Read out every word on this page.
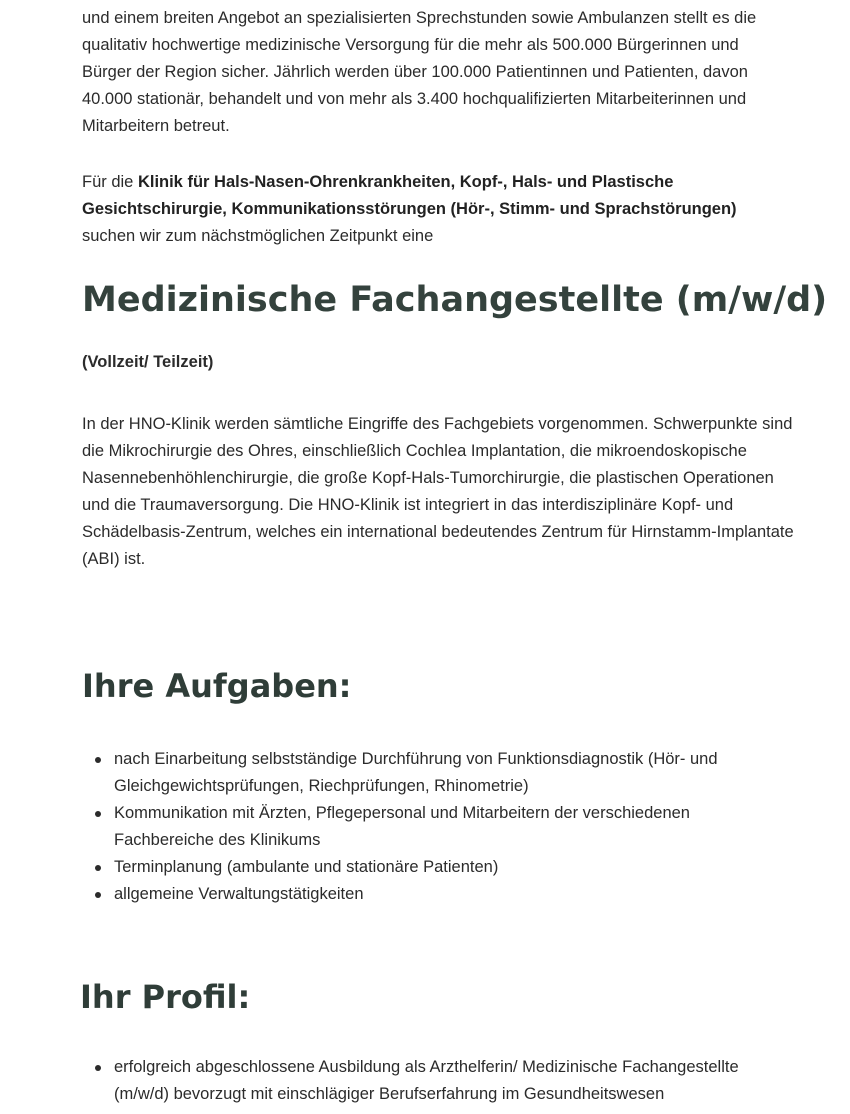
und einem breiten Angebot an spezialisierten Sprechstunden sowie Ambulanzen stellt es die qualitativ hochwertige medizinische Versorgung für die mehr als 500.000 Bürgerinnen und Bürger der Region sicher. Jährlich werden über 100.000 Patientinnen und Patienten, davon 40.000 stationär, behandelt und von mehr als 3.400 hochqualifizierten Mitarbeiterinnen und Mitarbeitern betreut.

Für die Klinik für Hals-Nasen-Ohrenkrankheiten, Kopf-, Hals- und Plastische Gesichtschirurgie, Kommunikationsstörungen (Hör-, Stimm- und Sprachstörungen) suchen wir zum nächstmöglichen Zeitpunkt eine

Medizinische Fachangestellte (m/w/d)

(Vollzeit/ Teilzeit)

In der HNO-Klinik werden sämtliche Eingriffe des Fachgebiets vorgenommen. Schwerpunkte sind die Mikrochirurgie des Ohres, einschließlich Cochlea Implantation, die mikroendoskopische Nasennebenhöhlenchirurgie, die große Kopf-Hals-Tumorchirurgie, die plastischen Operationen und die Traumaversorgung. Die HNO-Klinik ist integriert in das interdisziplinäre Kopf- und Schädelbasis-Zentrum, welches ein international bedeutendes Zentrum für Hirnstamm-Implantate (ABI) ist.

Ihre Aufgaben:
nach Einarbeitung selbstständige Durchführung von Funktionsdiagnostik (Hör- und Gleichgewichtsprüfungen, Riechprüfungen, Rhinometrie)
Kommunikation mit Ärzten, Pflegepersonal und Mitarbeitern der verschiedenen Fachbereiche des Klinikums
Terminplanung (ambulante und stationäre Patienten)
allgemeine Verwaltungstätigkeiten
Ihr Profil:
erfolgreich abgeschlossene Ausbildung als Arzthelferin/ Medizinische Fachangestellte (m/w/d) bevorzugt mit einschlägiger Berufserfahrung im Gesundheitswesen
